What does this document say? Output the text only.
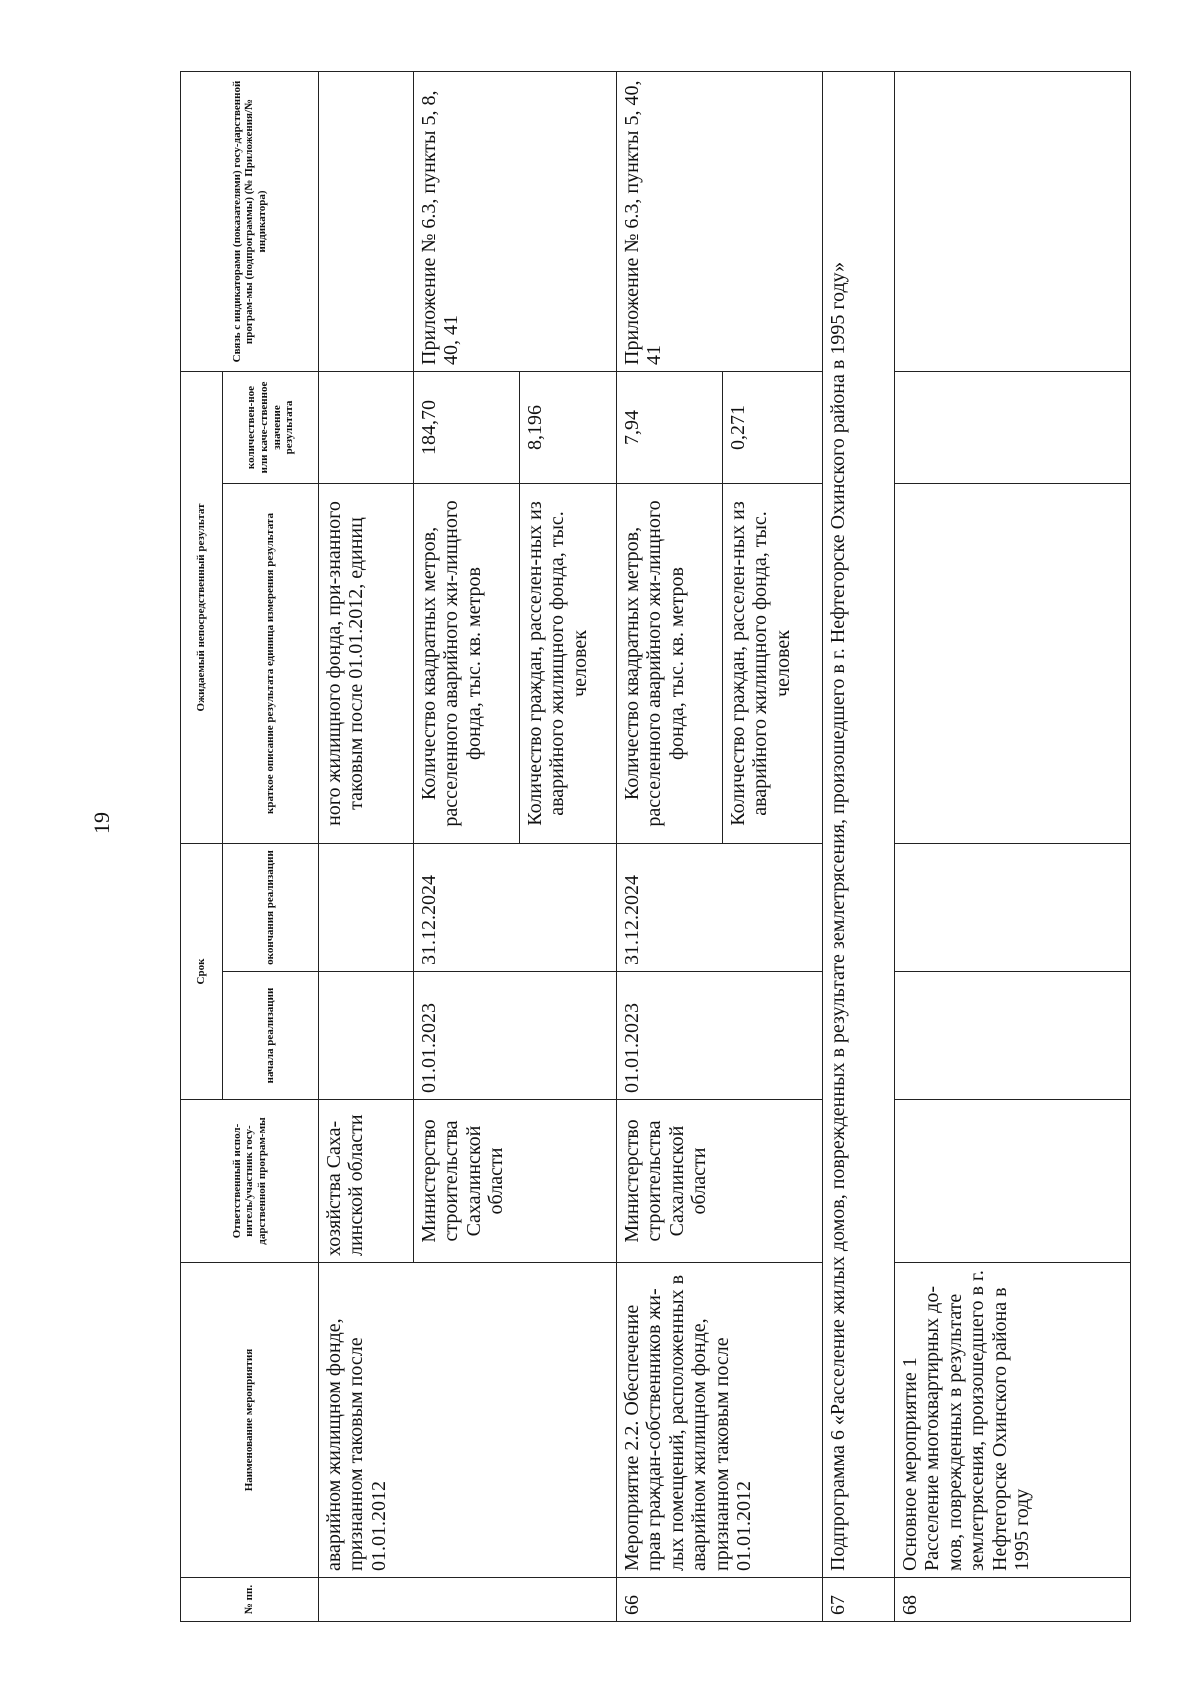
19
№ пп.	Наименование мероприятия	Ответственный испол-нитель/участник госу-дарственной програм-мы	Срок		Ожидаемый непосредственный результат		Связь с индикаторами (показателями) госу-дарственной програм-мы (подпрограммы) (№ Приложения/№ индикатора)
			начала реализации	окончания реализации	краткое описание результата единица измерения результата	количествен-ное или каче-ственное значение результата	
	аварийном жилищном фонде, признанном таковым после 01.01.2012	хозяйства Саха-линской области			ного жилищного фонда, при-знанного таковым после 01.01.2012, единиц		
		Министерство строительства Сахалинской области	01.01.2023	31.12.2024	Количество квадратных метров, расселенного аварийного жи-лищного фонда, тыс. кв. метров	184,70	Приложение № 6.3, пункты 5, 8, 40, 41
					Количество граждан, расселен-ных из аварийного жилищного фонда, тыс. человек	8,196	
66	Мероприятие 2.2. Обеспечение прав граждан-собственников жи-лых помещений, расположенных в аварийном жилищном фонде, признанном таковым после 01.01.2012	Министерство строительства Сахалинской области	01.01.2023	31.12.2024	Количество квадратных метров, расселенного аварийного жи-лищного фонда, тыс. кв. метров	7,94	Приложение № 6.3, пункты 5, 40, 41
					Количество граждан, расселен-ных из аварийного жилищного фонда, тыс. человек	0,271	
67	Подпрограмма 6 «Расселение жилых домов, поврежденных в результате землетрясения, произошедшего в г. Нефтегорске Охинского района в 1995 году»						
68	Основное мероприятие 1 Расселение многоквартирных до-мов, поврежденных в результате землетрясения, произошедшего в г. Нефтегорске Охинского района в 1995 году						
